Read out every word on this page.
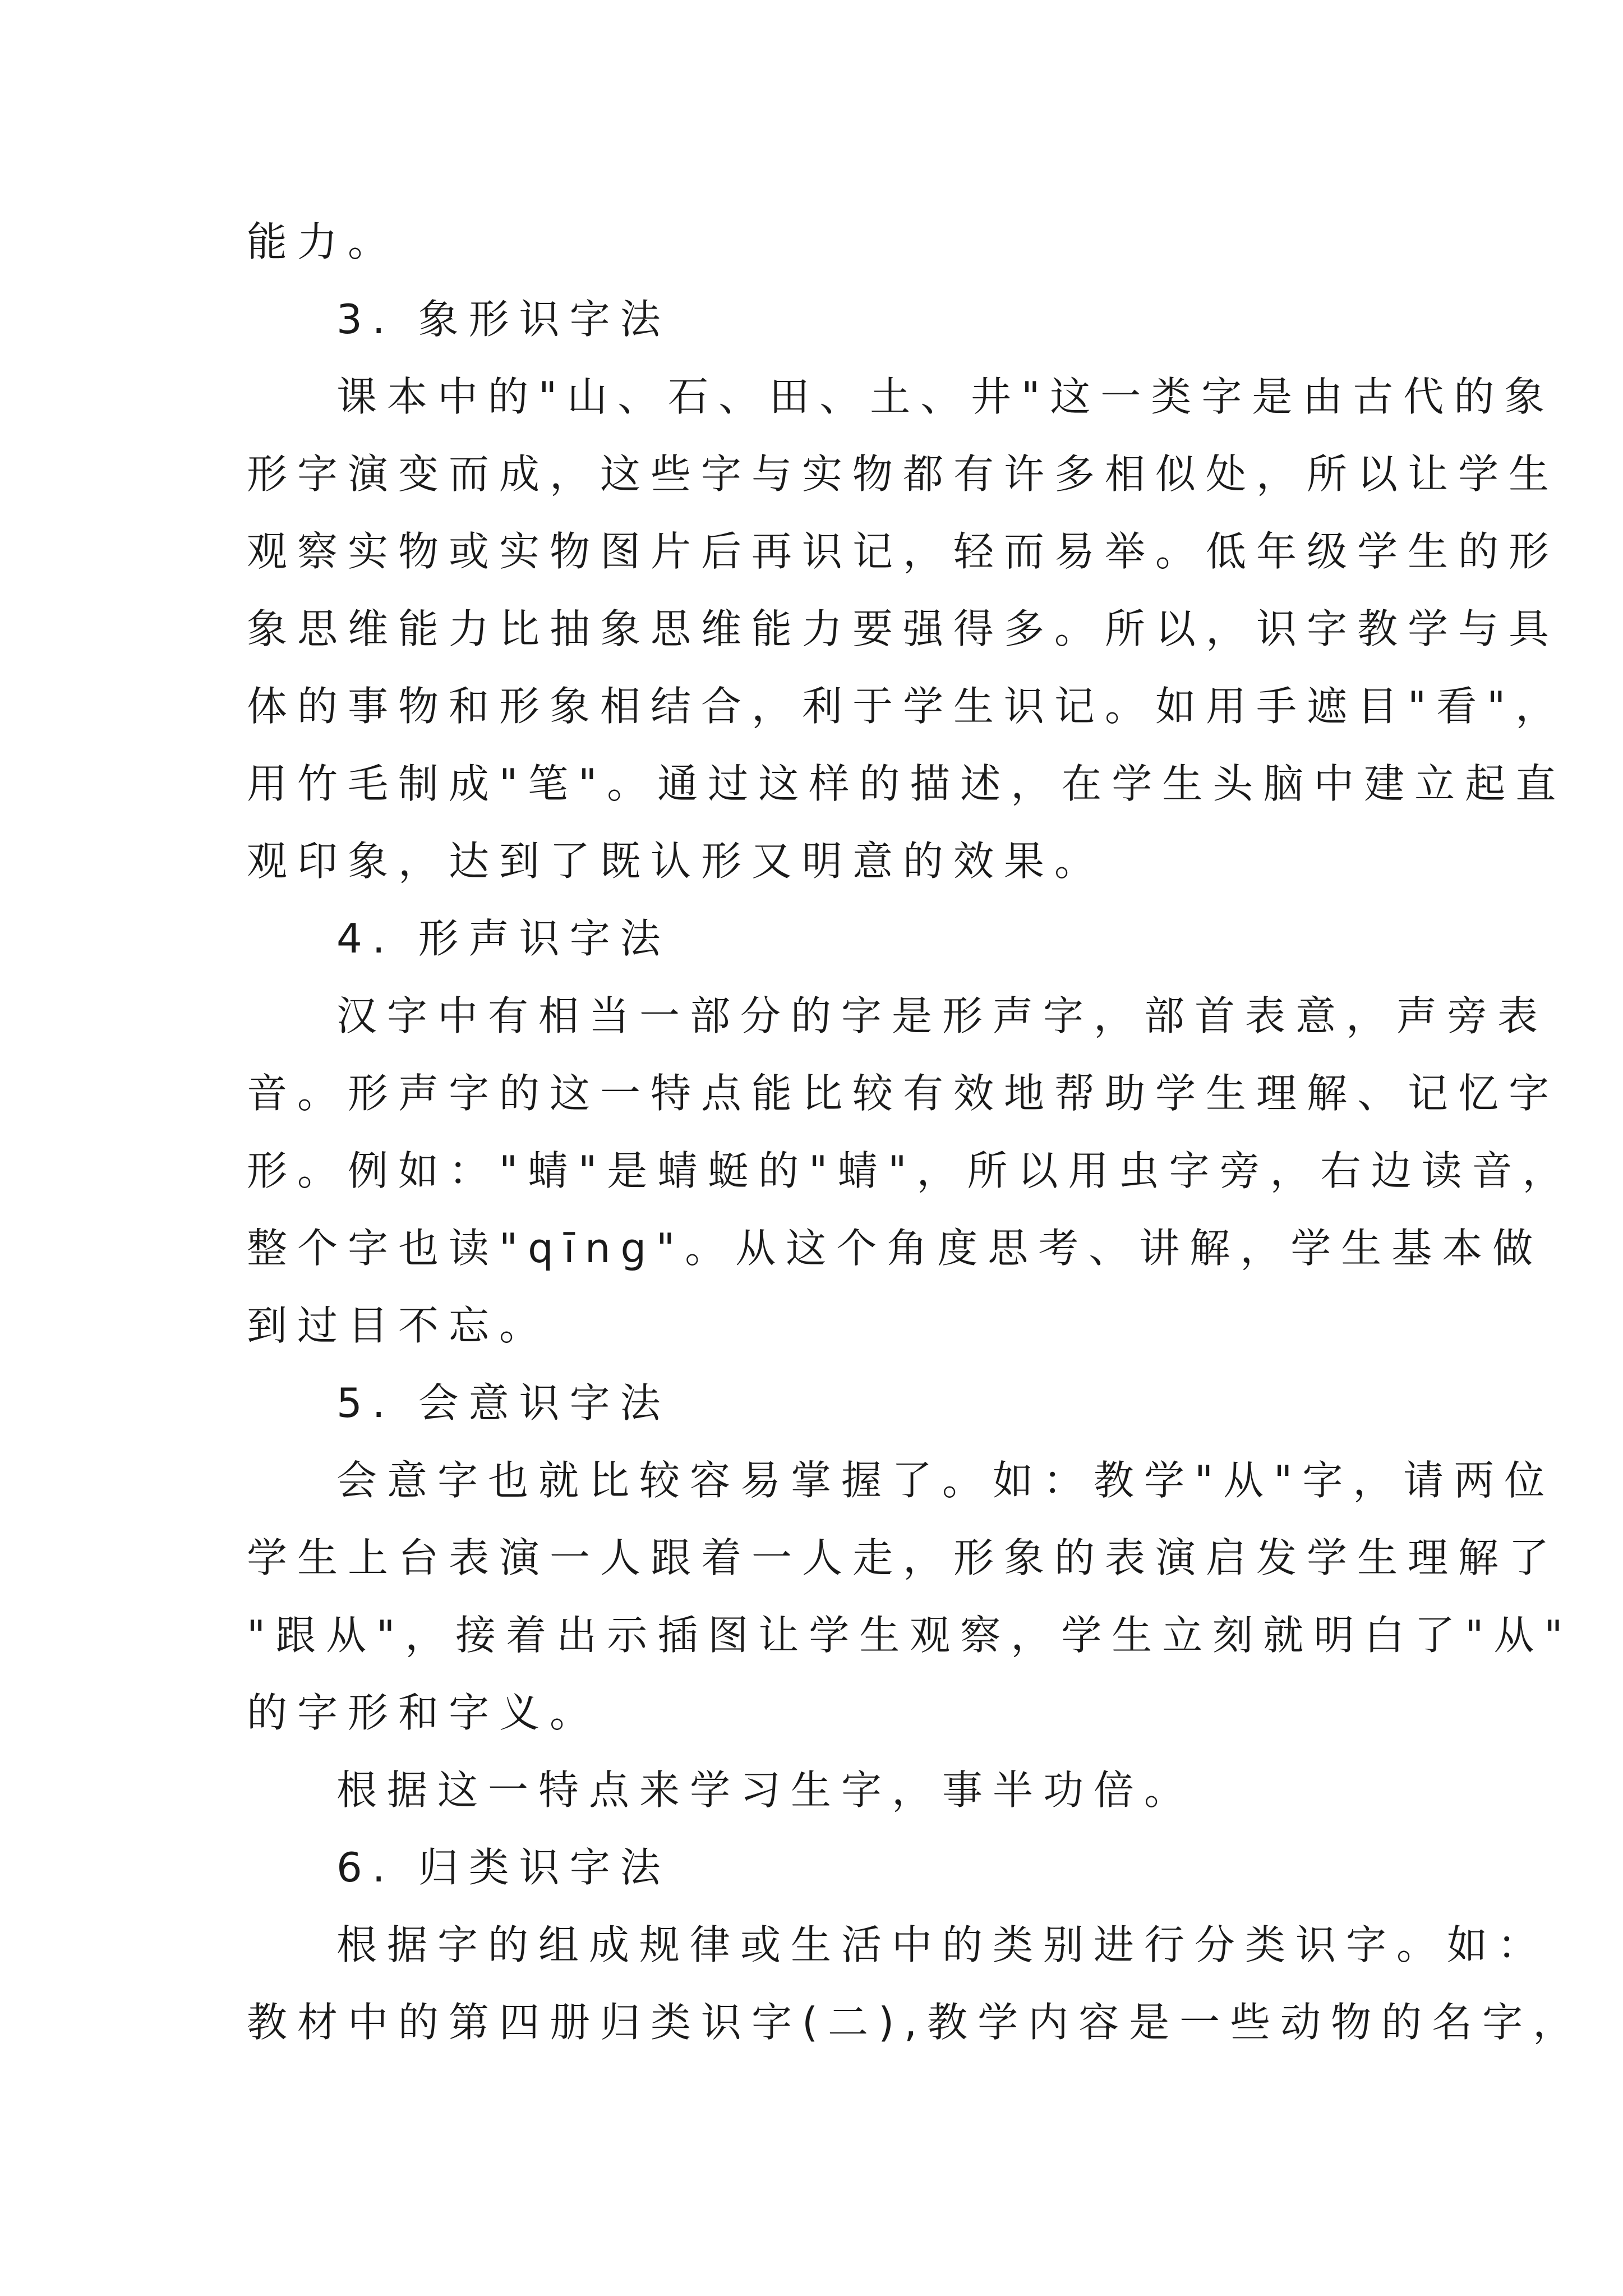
能力。
3. 象形识字法
课本中的"山、石、田、土、井"这一类字是由古代的象
形字演变而成，这些字与实物都有许多相似处，所以让学生
观察实物或实物图片后再识记，轻而易举。低年级学生的形
象思维能力比抽象思维能力要强得多。所以，识字教学与具
体的事物和形象相结合，利于学生识记。如用手遮目"看"，
用竹毛制成"笔"。通过这样的描述，在学生头脑中建立起直
观印象，达到了既认形又明意的效果。
4. 形声识字法
汉字中有相当一部分的字是形声字，部首表意，声旁表
音。形声字的这一特点能比较有效地帮助学生理解、记忆字
形。例如："蜻"是蜻蜓的"蜻"，所以用虫字旁，右边读音，
整个字也读"qīng"。从这个角度思考、讲解，学生基本做
到过目不忘。
5. 会意识字法
会意字也就比较容易掌握了。如：教学"从"字，请两位
学生上台表演一人跟着一人走，形象的表演启发学生理解了
"跟从"，接着出示插图让学生观察，学生立刻就明白了"从"
的字形和字义。
根据这一特点来学习生字，事半功倍。
6. 归类识字法
根据字的组成规律或生活中的类别进行分类识字。如：
教材中的第四册归类识字(二),教学内容是一些动物的名字，
